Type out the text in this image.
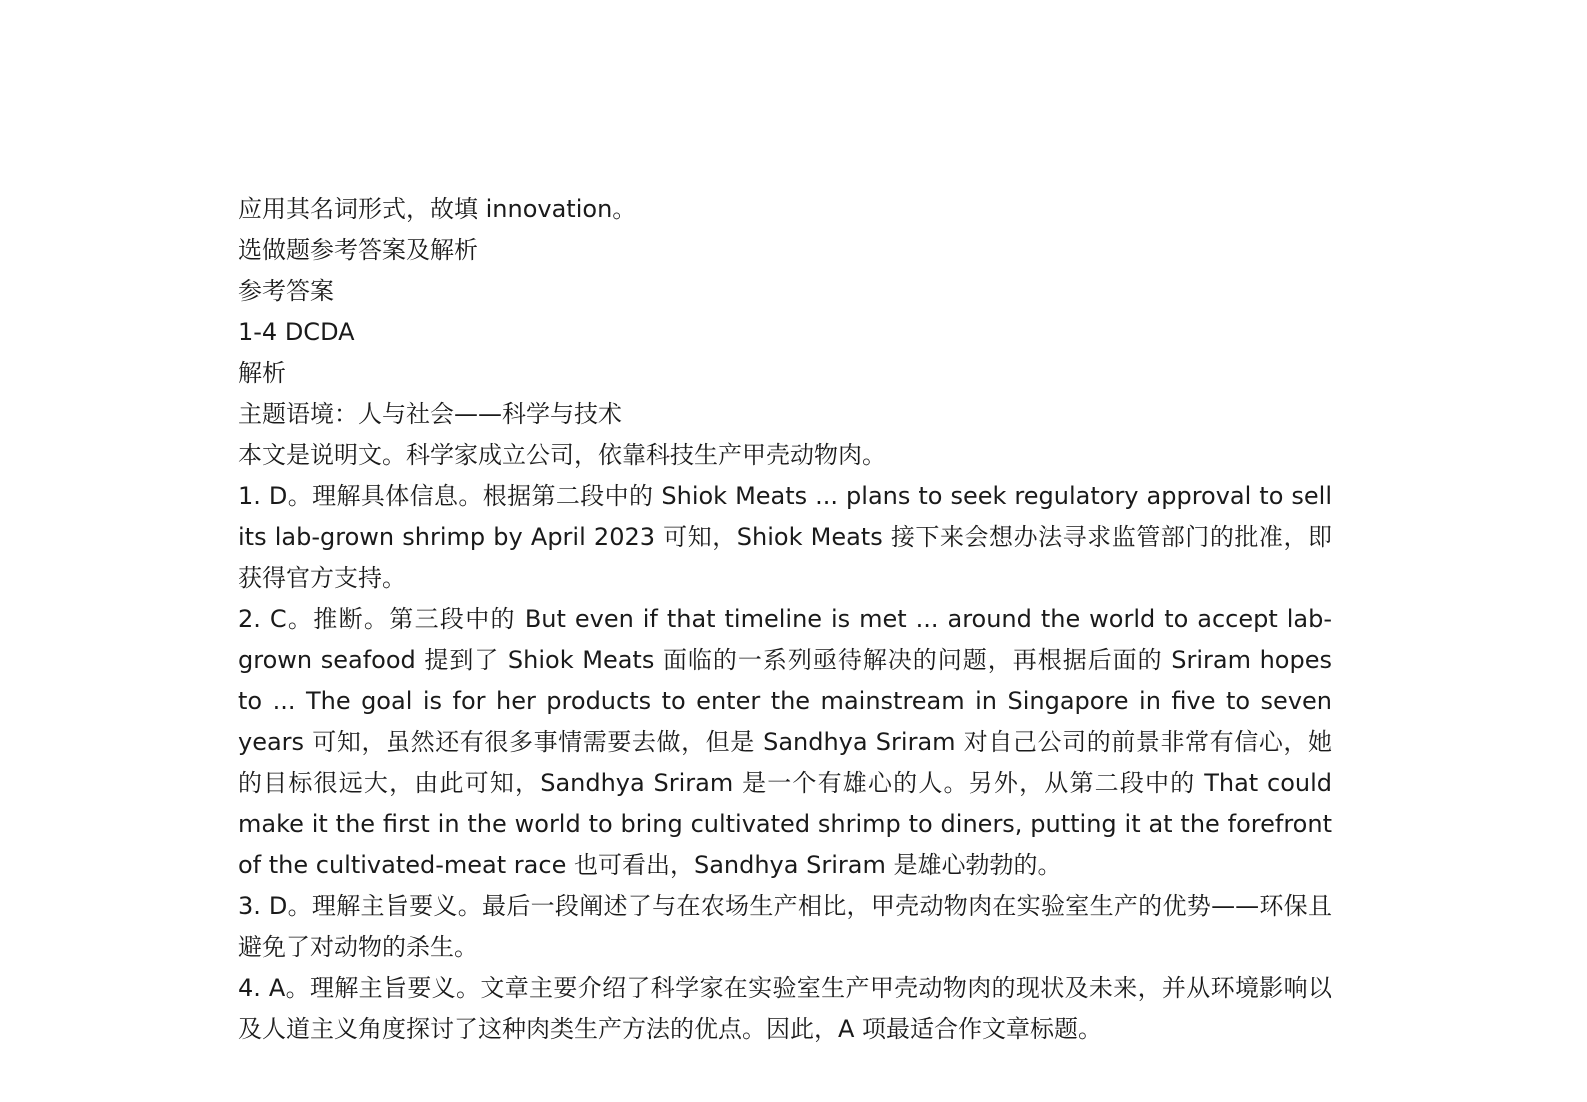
应用其名词形式，故填 innovation。

选做题参考答案及解析

参考答案

1-4 DCDA

解析

主题语境：人与社会——科学与技术

本文是说明文。科学家成立公司，依靠科技生产甲壳动物肉。

1. D。理解具体信息。根据第二段中的 Shiok Meats ... plans to seek regulatory approval to sell its lab-grown shrimp by April 2023 可知，Shiok Meats 接下来会想办法寻求监管部门的批准，即获得官方支持。

2. C。推断。第三段中的 But even if that timeline is met ... around the world to accept lab-grown seafood 提到了 Shiok Meats 面临的一系列亟待解决的问题，再根据后面的 Sriram hopes to ... The goal is for her products to enter the mainstream in Singapore in five to seven years 可知，虽然还有很多事情需要去做，但是 Sandhya Sriram 对自己公司的前景非常有信心，她的目标很远大，由此可知，Sandhya Sriram 是一个有雄心的人。另外，从第二段中的 That could make it the first in the world to bring cultivated shrimp to diners, putting it at the forefront of the cultivated-meat race 也可看出，Sandhya Sriram 是雄心勃勃的。

3. D。理解主旨要义。最后一段阐述了与在农场生产相比，甲壳动物肉在实验室生产的优势——环保且避免了对动物的杀生。

4. A。理解主旨要义。文章主要介绍了科学家在实验室生产甲壳动物肉的现状及未来，并从环境影响以及人道主义角度探讨了这种肉类生产方法的优点。因此，A 项最适合作文章标题。
